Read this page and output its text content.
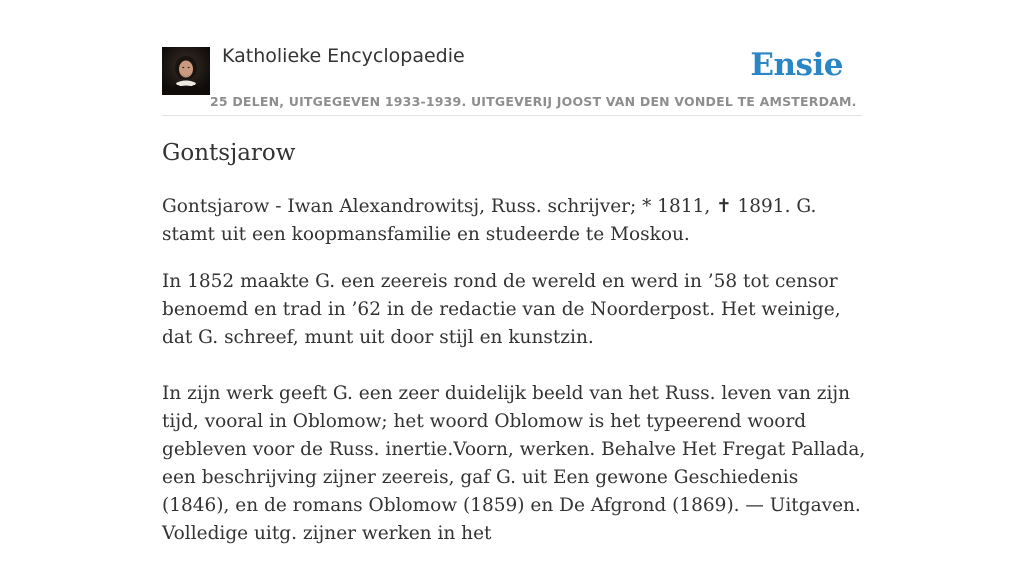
Katholieke Encyclopaedie	Ensie
25 DELEN, UITGEGEVEN 1933-1939. UITGEVERIJ JOOST VAN DEN VONDEL TE AMSTERDAM.
Gontsjarow

Gontsjarow - Iwan Alexandrowitsj, Russ. schrijver; * 1811, ✝ 1891. G. stamt uit een koopmansfamilie en studeerde te Moskou.

In 1852 maakte G. een zeereis rond de wereld en werd in ’58 tot censor benoemd en trad in ’62 in de redactie van de Noorderpost. Het weinige, dat G. schreef, munt uit door stijl en kunstzin.

In zijn werk geeft G. een zeer duidelijk beeld van het Russ. leven van zijn tijd, vooral in Oblomow; het woord Oblomow is het typeerend woord gebleven voor de Russ. inertie.Voorn, werken. Behalve Het Fregat Pallada, een beschrijving zijner zeereis, gaf G. uit Een gewone Geschiedenis (1846), en de romans Oblomow (1859) en De Afgrond (1869). — Uitgaven. Volledige uitg. zijner werken in het
